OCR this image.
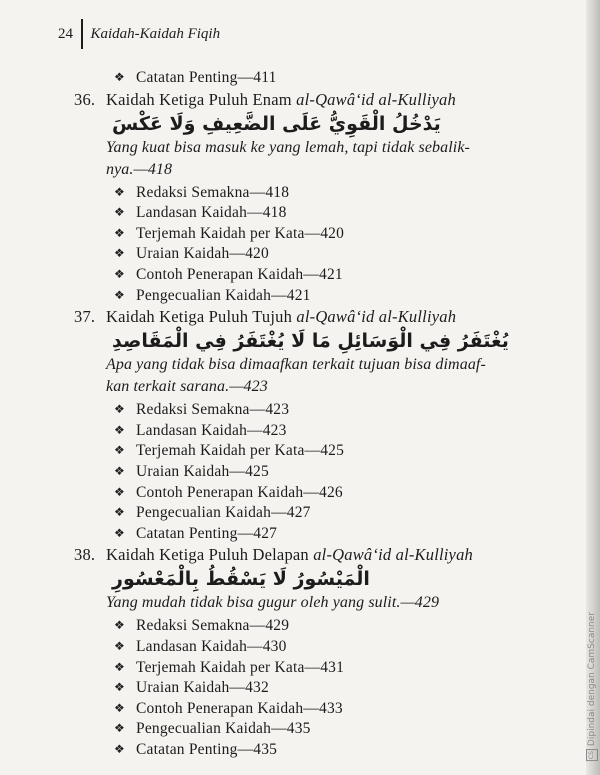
24 Kaidah-Kaidah Fiqih
❖ Catatan Penting—411
36. Kaidah Ketiga Puluh Enam al-Qawâ‘id al-Kulliyah
يَدْخُلُ الْقَوِيُّ عَلَى الضَّعِيفِ وَلَا عَكْسَ
Yang kuat bisa masuk ke yang lemah, tapi tidak sebalik-
nya.—418
❖ Redaksi Semakna—418
❖ Landasan Kaidah—418
❖ Terjemah Kaidah per Kata—420
❖ Uraian Kaidah—420
❖ Contoh Penerapan Kaidah—421
❖ Pengecualian Kaidah—421
37. Kaidah Ketiga Puluh Tujuh al-Qawâ‘id al-Kulliyah
يُغْتَفَرُ فِي الْوَسَائِلِ مَا لَا يُغْتَفَرُ فِي الْمَقَاصِدِ
Apa yang tidak bisa dimaafkan terkait tujuan bisa dimaaf-
kan terkait sarana.—423
❖ Redaksi Semakna—423
❖ Landasan Kaidah—423
❖ Terjemah Kaidah per Kata—425
❖ Uraian Kaidah—425
❖ Contoh Penerapan Kaidah—426
❖ Pengecualian Kaidah—427
❖ Catatan Penting—427
38. Kaidah Ketiga Puluh Delapan al-Qawâ‘id al-Kulliyah
الْمَيْسُورُ لَا يَسْقُطُ بِالْمَعْسُورِ
Yang mudah tidak bisa gugur oleh yang sulit.—429
❖ Redaksi Semakna—429
❖ Landasan Kaidah—430
❖ Terjemah Kaidah per Kata—431
❖ Uraian Kaidah—432
❖ Contoh Penerapan Kaidah—433
❖ Pengecualian Kaidah—435
❖ Catatan Penting—435	CS
Dipindai dengan CamScanner
